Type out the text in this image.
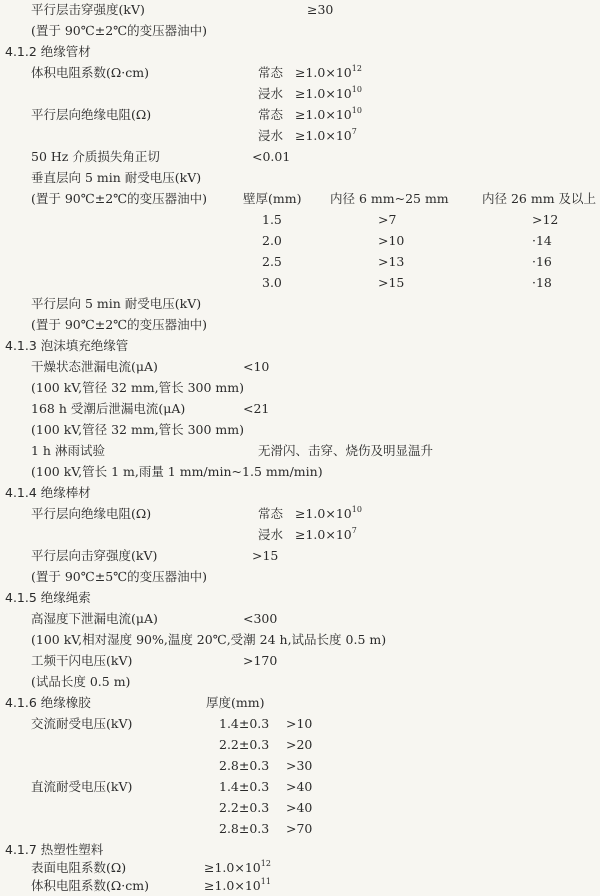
平行层击穿强度(kV)	≥30
(置于 90℃±2℃的变压器油中)
4.1.2 绝缘管材
体积电阻系数(Ω·cm)	常态 $\ge 1.0\times 10^{12}$
浸水 $\ge 1.0\times 10^{10}$
平行层向绝缘电阻(Ω)	常态 $\ge 1.0\times 10^{10}$
浸水 $\ge 1.0\times 10^7$
50 Hz 介质损失角正切	<0.01
垂直层向 5 min 耐受电压(kV)
(置于 90℃±2℃的变压器油中)	壁厚(mm) 内径 6 mm~25 mm	内径 26 mm 及以上
1.5	>7	>12
2.0	>10	·14
2.5	>13	·16
3.0	>15	·18
平行层向 5 min 耐受电压(kV)
(置于 90℃±2℃的变压器油中)
4.1.3 泡沫填充绝缘管
干燥状态泄漏电流(μA)	<10
(100 kV,管径 32 mm,管长 300 mm)
168 h 受潮后泄漏电流(μA)	<21
(100 kV,管径 32 mm,管长 300 mm)
1 h 淋雨试验	无滑闪、击穿、烧伤及明显温升
(100 kV,管长 1 m,雨量 1 mm/min~1.5 mm/min)
4.1.4 绝缘棒材
平行层向绝缘电阻(Ω)	常态 $\ge 1.0\times 10^{10}$
浸水 $\ge 1.0\times 10^7$
平行层向击穿强度(kV)	>15
(置于 90℃±5℃的变压器油中)
4.1.5 绝缘绳索
高湿度下泄漏电流(μA)	<300
(100 kV,相对湿度 90%,温度 20℃,受潮 24 h,试品长度 0.5 m)
工频干闪电压(kV)	>170
(试品长度 0.5 m)
4.1.6 绝缘橡胶	厚度(mm)
交流耐受电压(kV)	1.4±0.3 >10
2.2±0.3 >20
2.8±0.3 >30
直流耐受电压(kV)	1.4±0.3 >40
2.2±0.3 >40
2.8±0.3 >70
4.1.7 热塑性塑料
表面电阻系数(Ω)	$\ge 1.0\times 10^{12}$
体积电阻系数(Ω·cm)	$\ge 1.0\times 10^{11}$
